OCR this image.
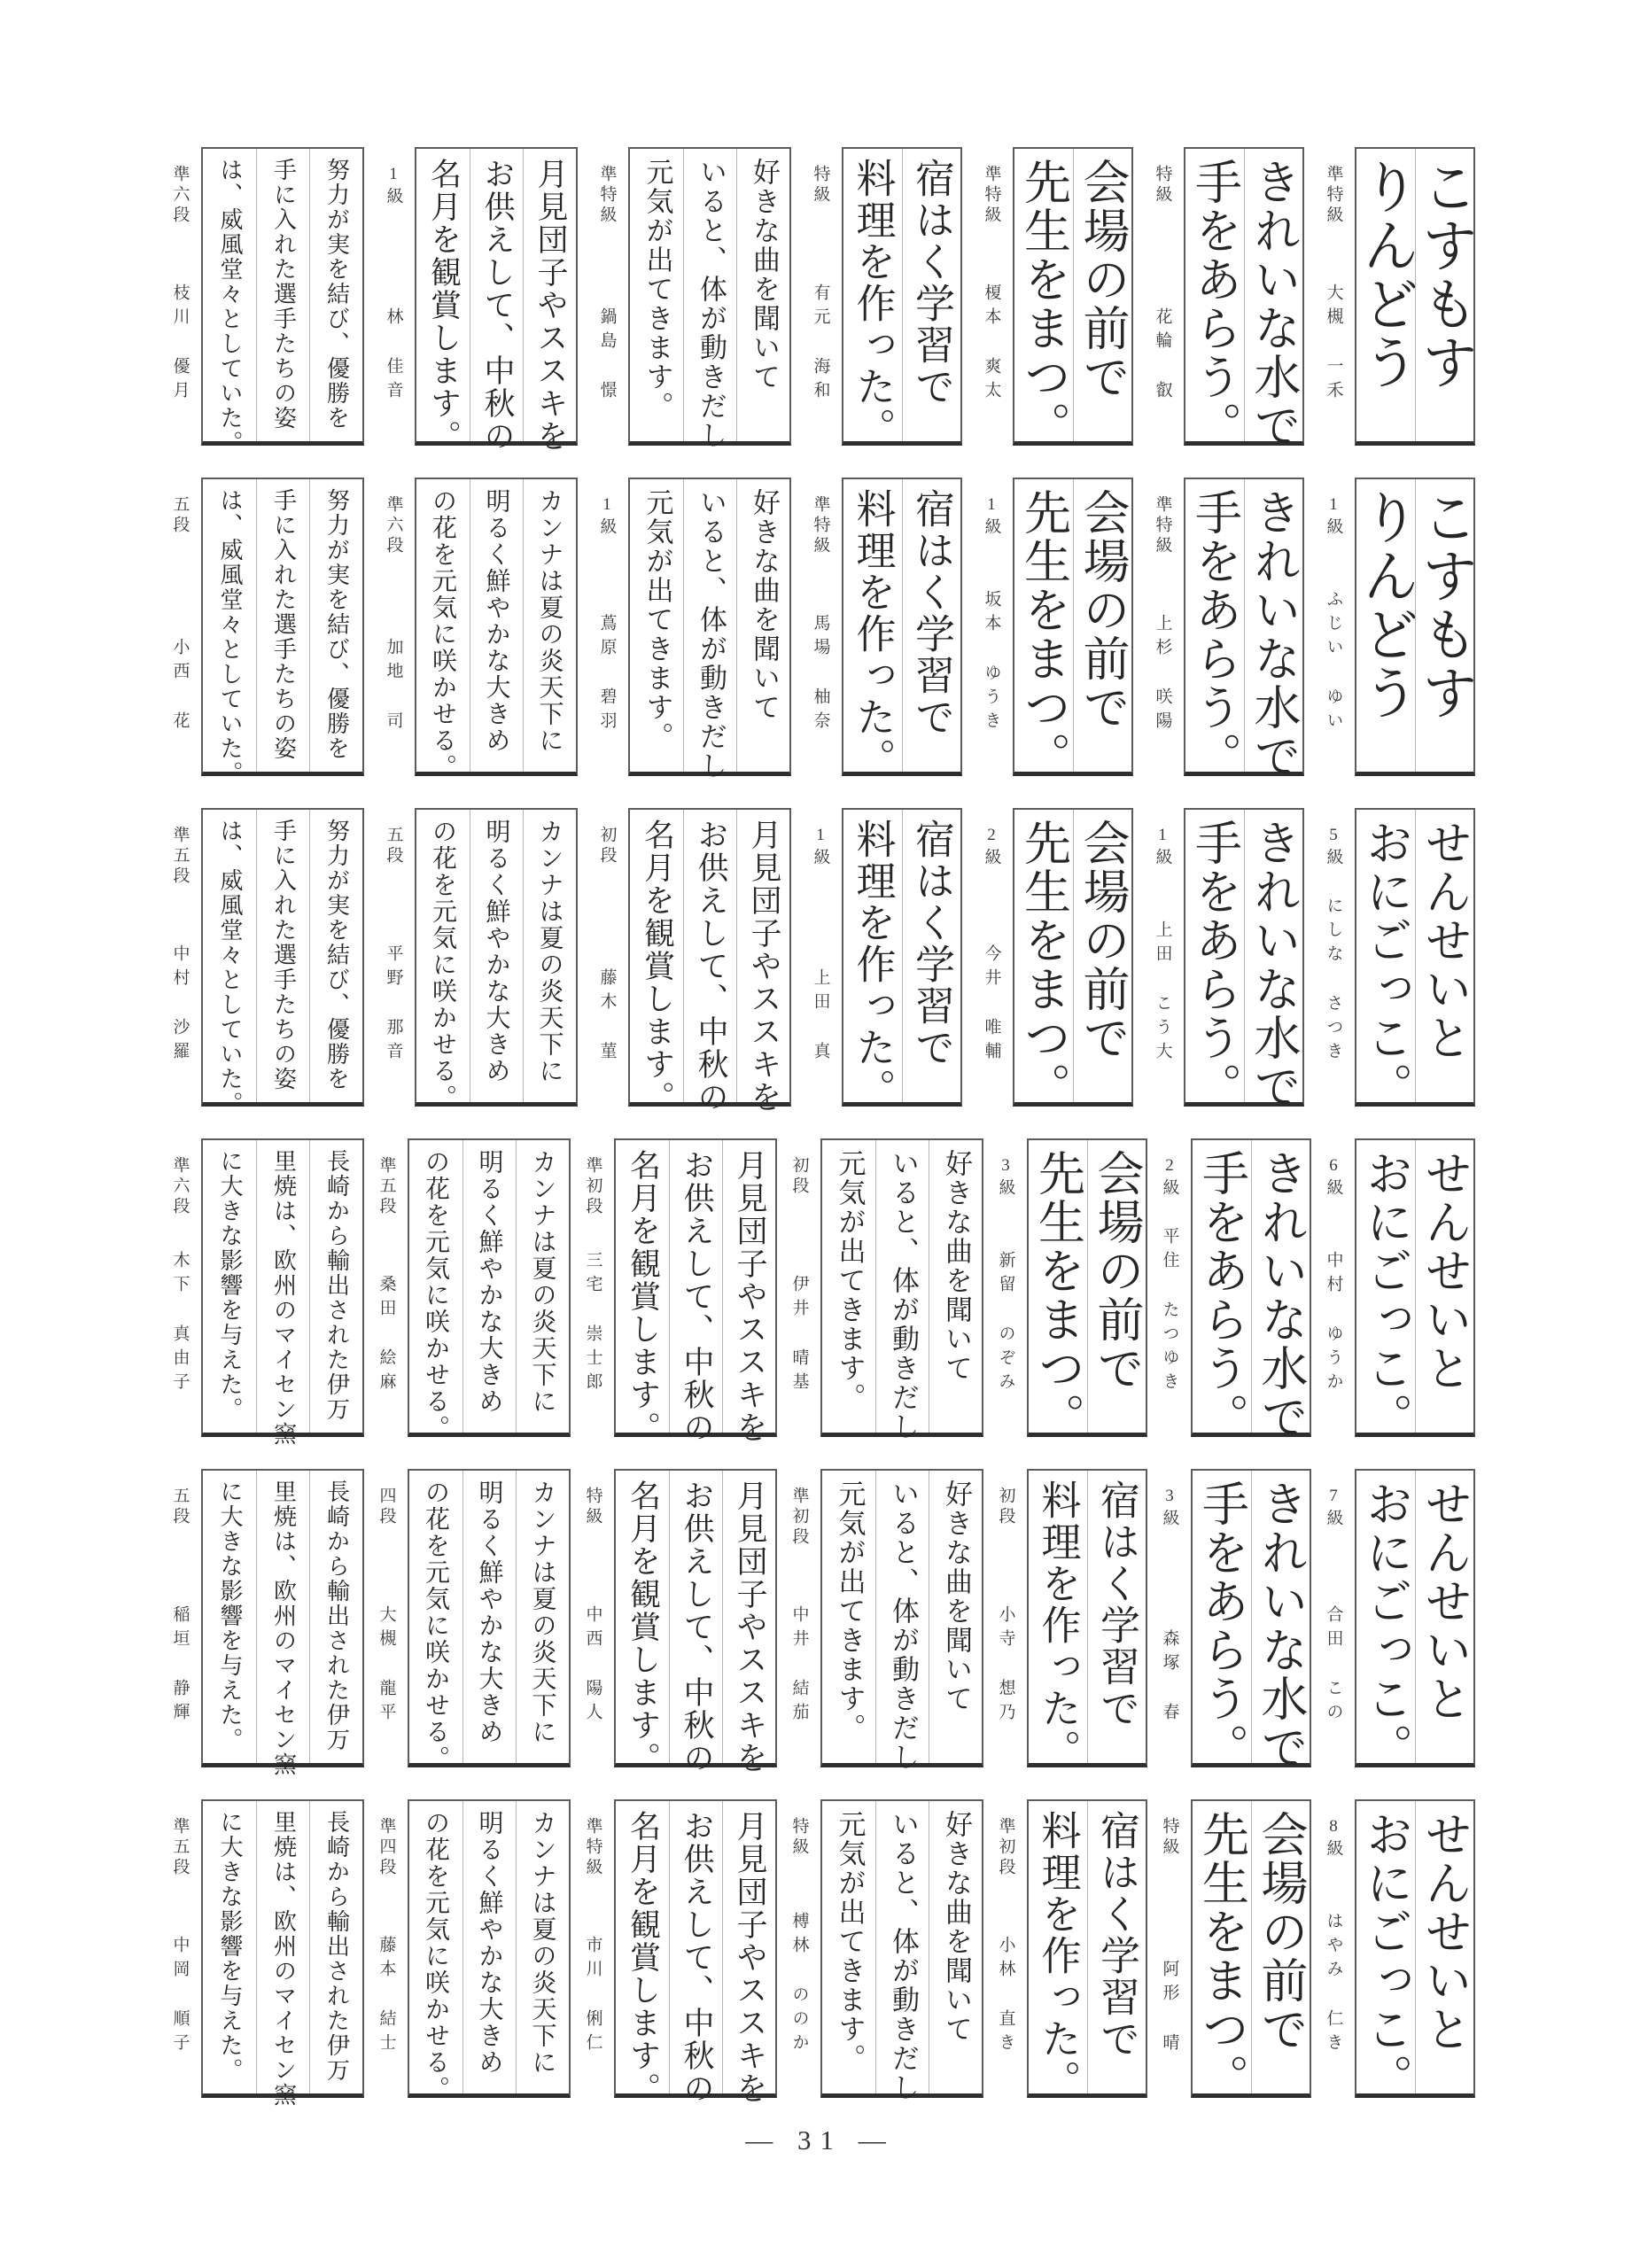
準特級
大槻 一禾 こすもす
りんどう
特級
花輪 叡 きれいな水で
手をあらう。
準特級
榎本 爽太 会場の前で
先生をまつ。
特級
有元 海和 宿はく学習で
料理を作った。
準特級
鍋島 憬	好きな曲を聞いて
いると、体が動きだし
元気が出てきます。
1級
林 佳音	月見団子やススキを
お供えして、中秋の
名月を観賞します。
準六段
枝川 優月	努力が実を結び、優勝を
手に入れた選手たちの姿
は、威風堂々としていた。
1級
ふじい ゆい こすもす
りんどう
準特級
上杉 咲陽 きれいな水で
手をあらう。
1級
坂本 ゆうき 会場の前で
先生をまつ。
準特級
馬場 柚奈 宿はく学習で
料理を作った。
1級
蔦原 碧羽	好きな曲を聞いて
いると、体が動きだし
元気が出てきます。
準六段
加地 司	カンナは夏の炎天下に
明るく鮮やかな大きめ
の花を元気に咲かせる。
五段
小西 花	努力が実を結び、優勝を
手に入れた選手たちの姿
は、威風堂々としていた。
5級
にしな さつき せんせいと
おにごっこ。
1級
上田 こう大 きれいな水で
手をあらう。
2級
今井 唯輔 会場の前で
先生をまつ。
1級
上田 真 宿はく学習で
料理を作った。
初段
藤木 菫	月見団子やススキを
お供えして、中秋の
名月を観賞します。
五段
平野 那音	カンナは夏の炎天下に
明るく鮮やかな大きめ
の花を元気に咲かせる。
準五段
中村 沙羅	努力が実を結び、優勝を
手に入れた選手たちの姿
は、威風堂々としていた。
6級
中村 ゆうか せんせいと
おにごっこ。
2級
平住 たつゆき きれいな水で
手をあらう。
3級
新留 のぞみ 会場の前で
先生をまつ。
初段
伊井 晴基	好きな曲を聞いて
いると、体が動きだし
元気が出てきます。
準初段
三宅 崇士郎	月見団子やススキを
お供えして、中秋の
名月を観賞します。
準五段
桑田 絵麻	カンナは夏の炎天下に
明るく鮮やかな大きめ
の花を元気に咲かせる。
準六段
木下 真由子	長崎から輸出された伊万
里焼は、欧州のマイセン窯
に大きな影響を与えた。
7級
合田 この せんせいと
おにごっこ。
3級
森塚 春 きれいな水で
手をあらう。
初段
小寺 想乃 宿はく学習で
料理を作った。
準初段
中井 結茄	好きな曲を聞いて
いると、体が動きだし
元気が出てきます。
特級
中西 陽人	月見団子やススキを
お供えして、中秋の
名月を観賞します。
四段
大槻 龍平	カンナは夏の炎天下に
明るく鮮やかな大きめ
の花を元気に咲かせる。
五段
稲垣 静輝	長崎から輸出された伊万
里焼は、欧州のマイセン窯
に大きな影響を与えた。
8級
はやみ 仁き せんせいと
おにごっこ。
特級
阿形 晴 会場の前で
先生をまつ。
準初段
小林 直き 宿はく学習で
料理を作った。
特級
榑林 ののか	好きな曲を聞いて
いると、体が動きだし
元気が出てきます。
準特級
市川 俐仁	月見団子やススキを
お供えして、中秋の
名月を観賞します。
準四段
藤本 結士	カンナは夏の炎天下に
明るく鮮やかな大きめ
の花を元気に咲かせる。
準五段
中岡 順子	長崎から輸出された伊万
里焼は、欧州のマイセン窯
に大きな影響を与えた。
— 31 —
